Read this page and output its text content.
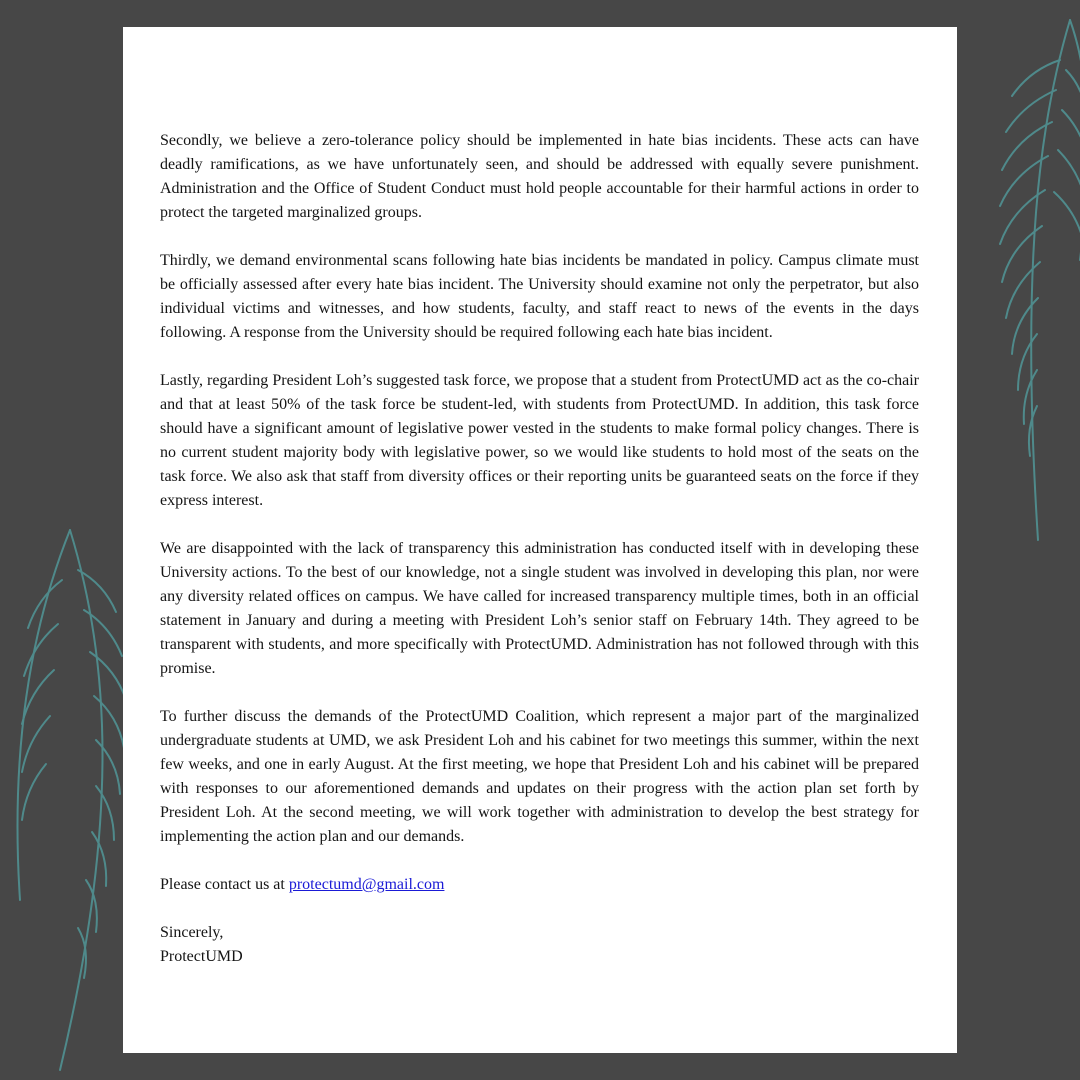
Secondly, we believe a zero-tolerance policy should be implemented in hate bias incidents. These acts can have deadly ramifications, as we have unfortunately seen, and should be addressed with equally severe punishment. Administration and the Office of Student Conduct must hold people accountable for their harmful actions in order to protect the targeted marginalized groups.

Thirdly, we demand environmental scans following hate bias incidents be mandated in policy. Campus climate must be officially assessed after every hate bias incident. The University should examine not only the perpetrator, but also individual victims and witnesses, and how students, faculty, and staff react to news of the events in the days following. A response from the University should be required following each hate bias incident.

Lastly, regarding President Loh’s suggested task force, we propose that a student from ProtectUMD act as the co-chair and that at least 50% of the task force be student-led, with students from ProtectUMD. In addition, this task force should have a significant amount of legislative power vested in the students to make formal policy changes. There is no current student majority body with legislative power, so we would like students to hold most of the seats on the task force. We also ask that staff from diversity offices or their reporting units be guaranteed seats on the force if they express interest.

We are disappointed with the lack of transparency this administration has conducted itself with in developing these University actions. To the best of our knowledge, not a single student was involved in developing this plan, nor were any diversity related offices on campus. We have called for increased transparency multiple times, both in an official statement in January and during a meeting with President Loh’s senior staff on February 14th. They agreed to be transparent with students, and more specifically with ProtectUMD. Administration has not followed through with this promise.

To further discuss the demands of the ProtectUMD Coalition, which represent a major part of the marginalized undergraduate students at UMD, we ask President Loh and his cabinet for two meetings this summer, within the next few weeks, and one in early August. At the first meeting, we hope that President Loh and his cabinet will be prepared with responses to our aforementioned demands and updates on their progress with the action plan set forth by President Loh. At the second meeting, we will work together with administration to develop the best strategy for implementing the action plan and our demands.

Please contact us at protectumd@gmail.com

Sincerely,

ProtectUMD
